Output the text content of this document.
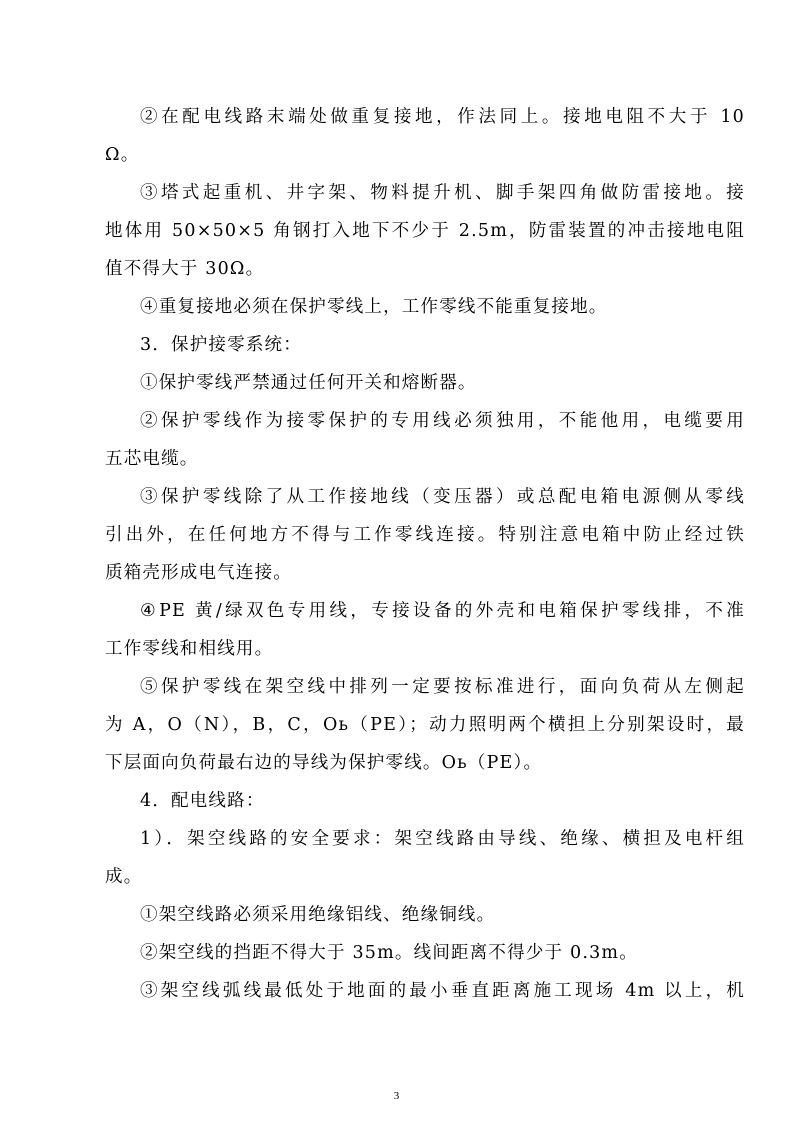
②在配电线路末端处做重复接地，作法同上。接地电阻不大于 10
Ω。
③塔式起重机、井字架、物料提升机、脚手架四角做防雷接地。接
地体用 50×50×5 角钢打入地下不少于 2.5m，防雷装置的冲击接地电阻
值不得大于 30Ω。
④重复接地必须在保护零线上，工作零线不能重复接地。
3．保护接零系统：
①保护零线严禁通过任何开关和熔断器。
②保护零线作为接零保护的专用线必须独用，不能他用，电缆要用
五芯电缆。
③保护零线除了从工作接地线（变压器）或总配电箱电源侧从零线
引出外，在任何地方不得与工作零线连接。特别注意电箱中防止经过铁
质箱壳形成电气连接。
④PE 黄/绿双色专用线，专接设备的外壳和电箱保护零线排，不准
工作零线和相线用。
⑤保护零线在架空线中排列一定要按标准进行，面向负荷从左侧起
为 A，O（N），B，C，Oь（PE）；动力照明两个横担上分别架设时，最
下层面向负荷最右边的导线为保护零线。Oь（PE）。
4．配电线路：
1）．架空线路的安全要求：架空线路由导线、绝缘、横担及电杆组
成。
①架空线路必须采用绝缘铝线、绝缘铜线。
②架空线的挡距不得大于 35m。线间距离不得少于 0.3m。
③架空线弧线最低处于地面的最小垂直距离施工现场 4m 以上，机
3
